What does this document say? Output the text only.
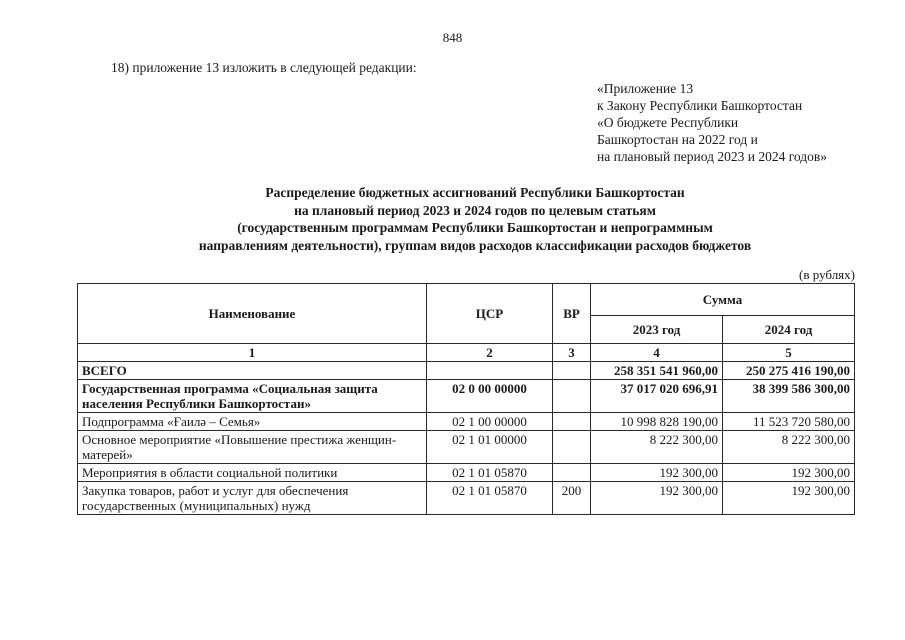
848
18) приложение 13 изложить в следующей редакции:
«Приложение 13
к Закону Республики Башкортостан
«О бюджете Республики
Башкортостан на 2022 год и
на плановый период 2023 и 2024 годов»
Распределение бюджетных ассигнований Республики Башкортостан
на плановый период 2023 и 2024 годов по целевым статьям
(государственным программам Республики Башкортостан и непрограммным
направлениям деятельности), группам видов расходов классификации расходов бюджетов
(в рублях)
Наименование	ЦСР	ВР	Сумма	
			2023 год	2024 год
1	2	3	4	5
ВСЕГО			258 351 541 960,00	250 275 416 190,00
Государственная программа «Социальная защита населения Республики Башкортостан»	02 0 00 00000		37 017 020 696,91	38 399 586 300,00
Подпрограмма «Ғаилә – Семья»	02 1 00 00000		10 998 828 190,00	11 523 720 580,00
Основное мероприятие «Повышение престижа женщин-матерей»	02 1 01 00000		8 222 300,00	8 222 300,00
Мероприятия в области социальной политики	02 1 01 05870		192 300,00	192 300,00
Закупка товаров, работ и услуг для обеспечения государственных (муниципальных) нужд	02 1 01 05870	200	192 300,00	192 300,00
